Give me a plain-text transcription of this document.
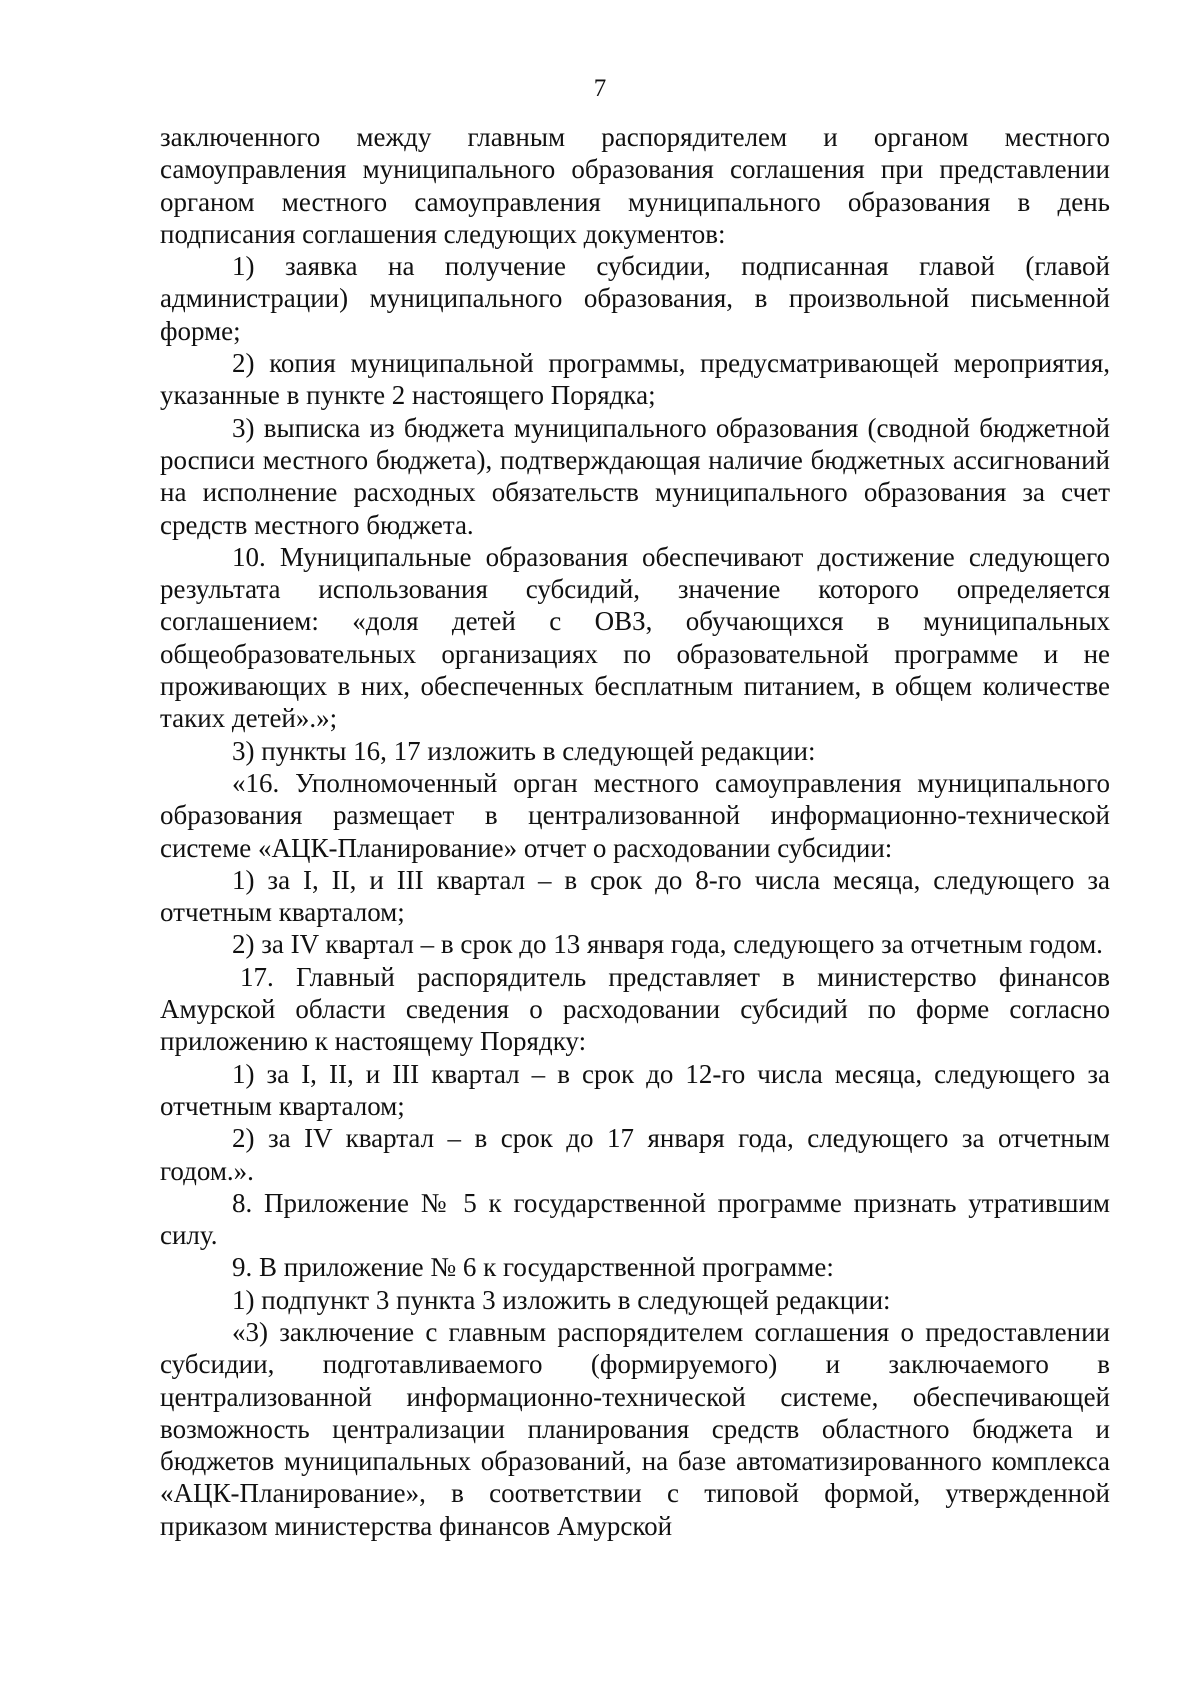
7

заключенного между главным распорядителем и органом местного самоуправления муниципального образования соглашения при представлении органом местного самоуправления муниципального образования в день подписания соглашения следующих документов:

1) заявка на получение субсидии, подписанная главой (главой администрации) муниципального образования, в произвольной письменной форме;

2) копия муниципальной программы, предусматривающей мероприятия, указанные в пункте 2 настоящего Порядка;

3) выписка из бюджета муниципального образования (сводной бюджетной росписи местного бюджета), подтверждающая наличие бюджетных ассигнований на исполнение расходных обязательств муниципального образования за счет средств местного бюджета.

10. Муниципальные образования обеспечивают достижение следующего результата использования субсидий, значение которого определяется соглашением: «доля детей с ОВЗ, обучающихся в муниципальных общеобразовательных организациях по образовательной программе и не проживающих в них, обеспеченных бесплатным питанием, в общем количестве таких детей».»;

3) пункты 16, 17 изложить в следующей редакции:

«16. Уполномоченный орган местного самоуправления муниципального образования размещает в централизованной информационно-технической системе «АЦК-Планирование» отчет о расходовании субсидии:

1) за I, II, и III квартал – в срок до 8-го числа месяца, следующего за отчетным кварталом;

2) за IV квартал – в срок до 13 января года, следующего за отчетным годом.

17. Главный распорядитель представляет в министерство финансов Амурской области сведения о расходовании субсидий по форме согласно приложению к настоящему Порядку:

1) за I, II, и III квартал – в срок до 12-го числа месяца, следующего за отчетным кварталом;

2) за IV квартал – в срок до 17 января года, следующего за отчетным годом.».

8. Приложение № 5 к государственной программе признать утратившим силу.

9. В приложение № 6 к государственной программе:

1) подпункт 3 пункта 3 изложить в следующей редакции:

«3) заключение с главным распорядителем соглашения о предоставлении субсидии, подготавливаемого (формируемого) и заключаемого в централизованной информационно-технической системе, обеспечивающей возможность централизации планирования средств областного бюджета и бюджетов муниципальных образований, на базе автоматизированного комплекса «АЦК-Планирование», в соответствии с типовой формой, утвержденной приказом министерства финансов Амурской
